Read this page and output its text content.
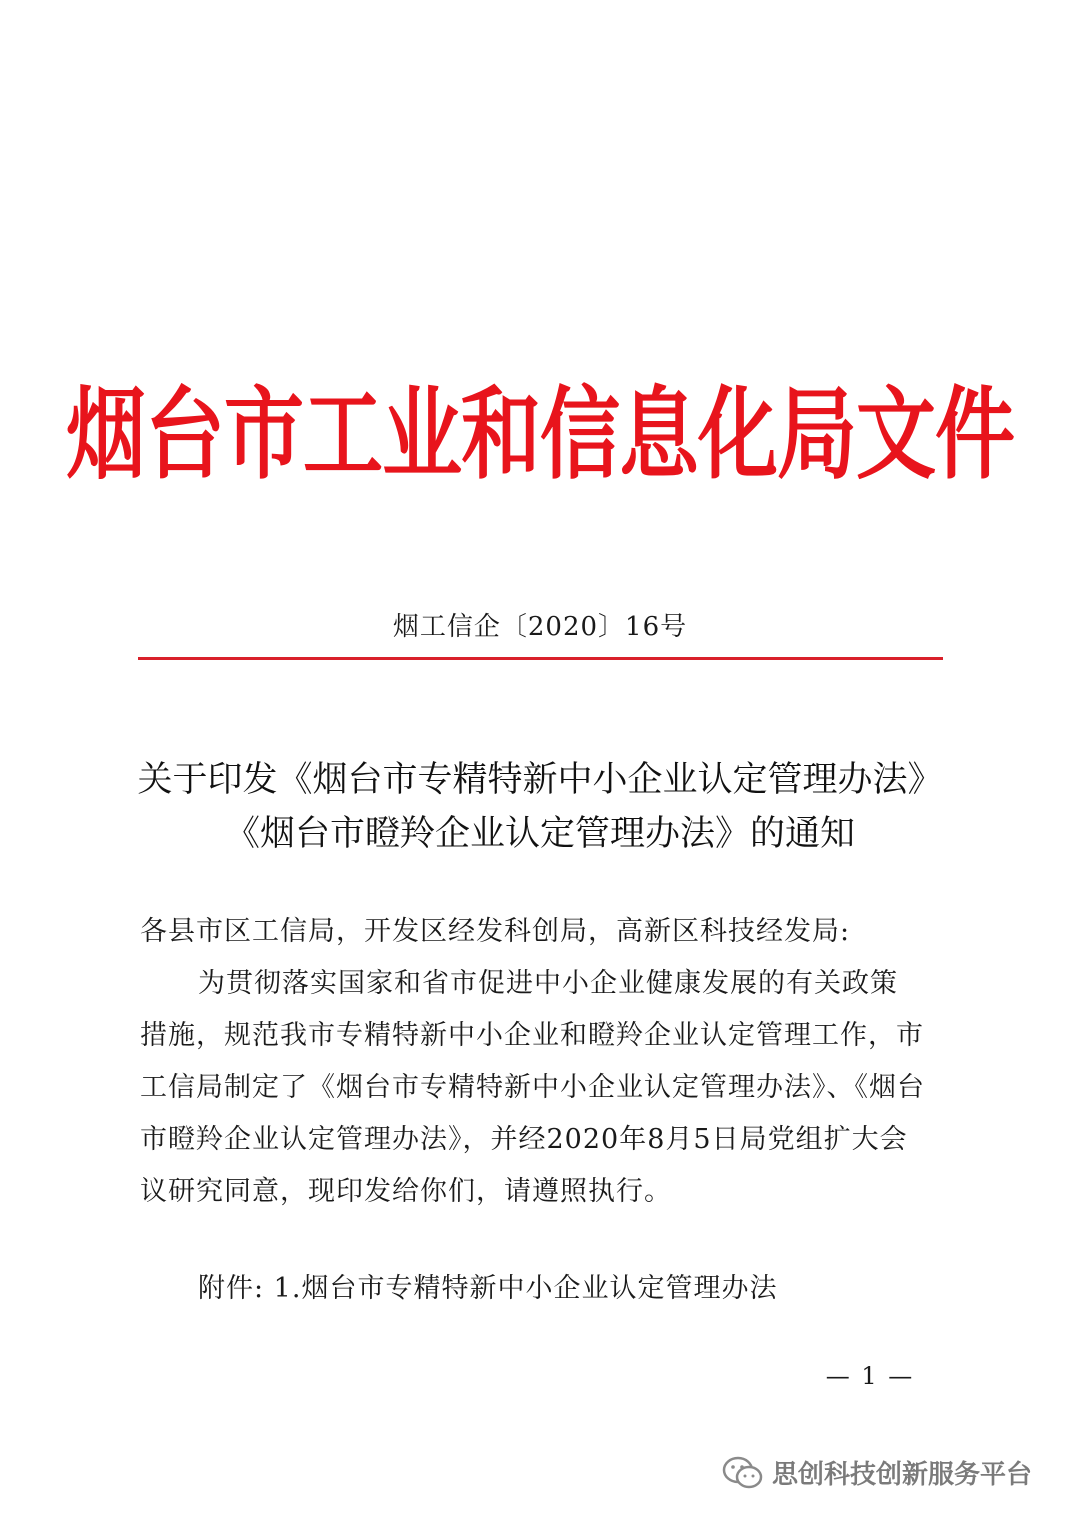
烟台市工业和信息化局文件
烟工信企〔2020〕16号
关于印发《烟台市专精特新中小企业认定管理办法》
《烟台市瞪羚企业认定管理办法》的通知
各县市区工信局，开发区经发科创局，高新区科技经发局:
为贯彻落实国家和省市促进中小企业健康发展的有关政策
措施，规范我市专精特新中小企业和瞪羚企业认定管理工作，市
工信局制定了《烟台市专精特新中小企业认定管理办法》、《烟台
市瞪羚企业认定管理办法》，并经2020年8月5日局党组扩大会
议研究同意，现印发给你们，请遵照执行。
附件: 1.烟台市专精特新中小企业认定管理办法
— 1 —
思创科技创新服务平台
